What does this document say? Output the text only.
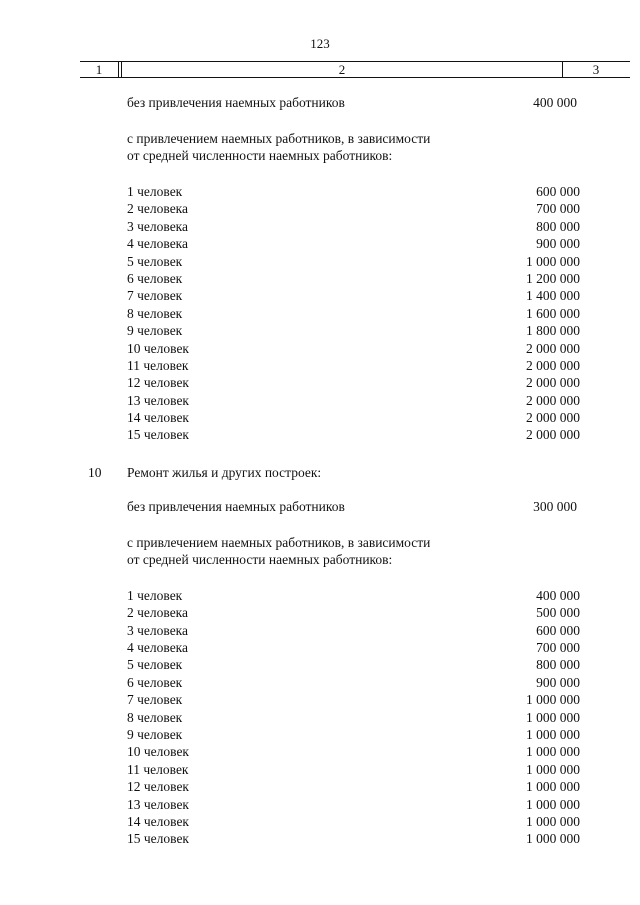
123
1	2	3
без привлечения наемных работников	400 000
с привлечением наемных работников, в зависимости
от средней численности наемных работников:
1 человек	600 000
2 человека	700 000
3 человека	800 000
4 человека	900 000
5 человек	1 000 000
6 человек	1 200 000
7 человек	1 400 000
8 человек	1 600 000
9 человек	1 800 000
10 человек	2 000 000
11 человек	2 000 000
12 человек	2 000 000
13 человек	2 000 000
14 человек	2 000 000
15 человек	2 000 000
10 Ремонт жилья и других построек:
без привлечения наемных работников	300 000
с привлечением наемных работников, в зависимости
от средней численности наемных работников:
1 человек	400 000
2 человека	500 000
3 человека	600 000
4 человека	700 000
5 человек	800 000
6 человек	900 000
7 человек	1 000 000
8 человек	1 000 000
9 человек	1 000 000
10 человек	1 000 000
11 человек	1 000 000
12 человек	1 000 000
13 человек	1 000 000
14 человек	1 000 000
15 человек	1 000 000
